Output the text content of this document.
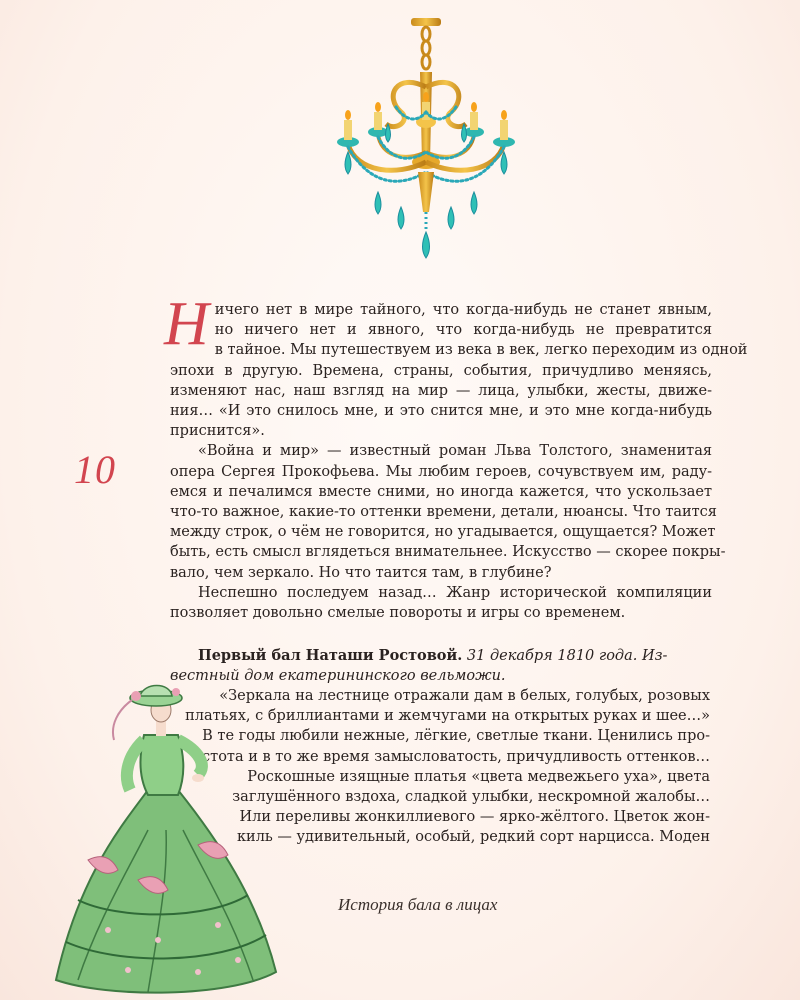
10

Н ичего нет в мире тайного, что когда-нибудь не станет явным,
но ничего нет и явного, что когда-нибудь не превратится
в тайное. Мы путешествуем из века в век, легко переходим из одной
эпохи в другую. Времена, страны, события, причудливо меняясь,
изменяют нас, наш взгляд на мир — лица, улыбки, жесты, движе-
ния… «И это снилось мне, и это снится мне, и это мне когда-нибудь
приснится».

«Война и мир» — известный роман Льва Толстого, знаменитая
опера Сергея Прокофьева. Мы любим героев, сочувствуем им, раду-
емся и печалимся вместе сними, но иногда кажется, что ускользает
что-то важное, какие-то оттенки времени, детали, нюансы. Что таится
между строк, о чём не говорится, но угадывается, ощущается? Может
быть, есть смысл вглядеться внимательнее. Искусство — скорее покры-
вало, чем зеркало. Но что таится там, в глубине?

Неспешно последуем назад… Жанр исторической компиляции
позволяет довольно смелые повороты и игры со временем.

Первый бал Наташи Ростовой. 31 декабря 1810 года. Из-
вестный дом екатерининского вельможи.
«Зеркала на лестнице отражали дам в белых, голубых, розовых
платьях, с бриллиантами и жемчугами на открытых руках и шее…»
В те годы любили нежные, лёгкие, светлые ткани. Ценились про-
стота и в то же время замысловатость, причудливость оттенков…
Роскошные изящные платья «цвета медвежьего уха», цвета
заглушённого вздоха, сладкой улыбки, нескромной жалобы…
Или переливы жонкиллиевого — ярко-жёлтого. Цветок жон-
киль — удивительный, особый, редкий сорт нарцисса. Моден
История бала в лицах
